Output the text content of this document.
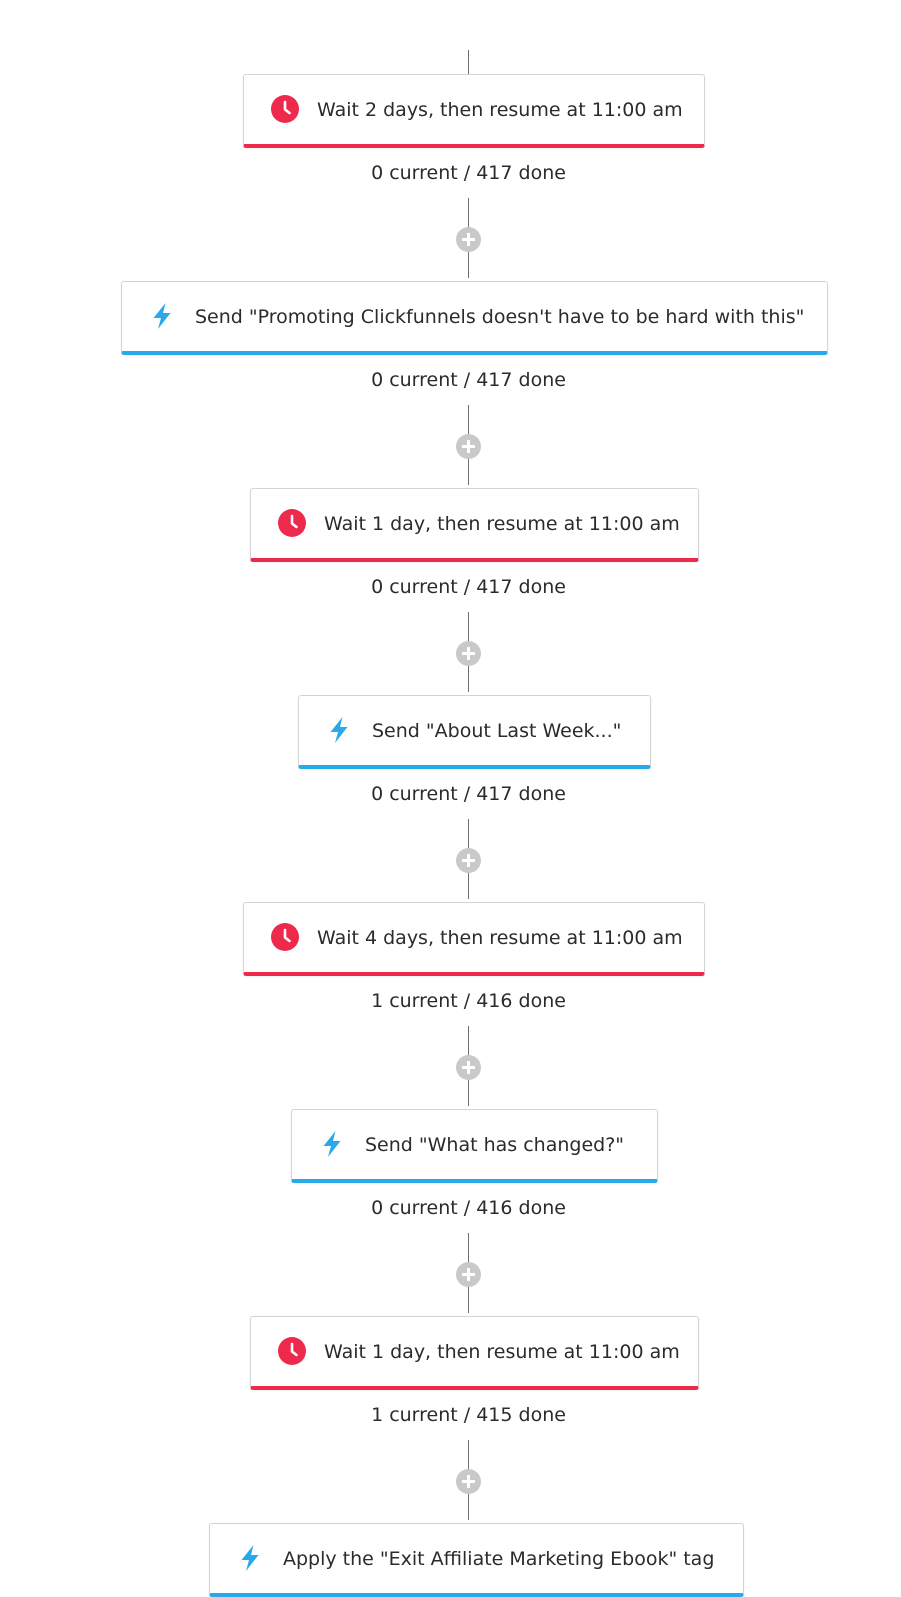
Wait 2 days, then resume at 11:00 am
0 current / 417 done
Send "Promoting Clickfunnels doesn't have to be hard with this"
0 current / 417 done
Wait 1 day, then resume at 11:00 am
0 current / 417 done
Send "About Last Week..."
0 current / 417 done
Wait 4 days, then resume at 11:00 am
1 current / 416 done
Send "What has changed?"
0 current / 416 done
Wait 1 day, then resume at 11:00 am
1 current / 415 done
Apply the "Exit Affiliate Marketing Ebook" tag
